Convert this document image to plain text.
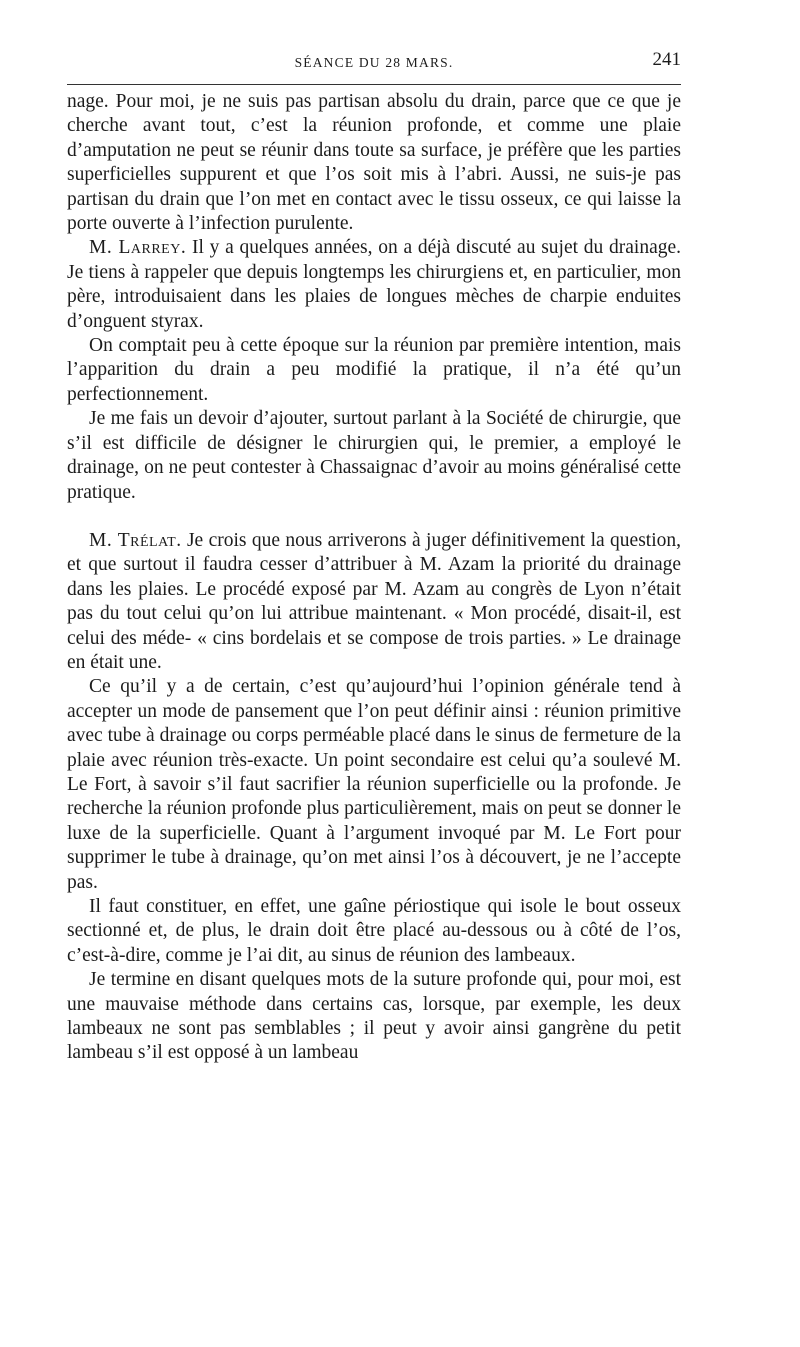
SÉANCE DU 28 MARS.	241

nage. Pour moi, je ne suis pas partisan absolu du drain, parce que ce que je cherche avant tout, c’est la réunion profonde, et comme une plaie d’amputation ne peut se réunir dans toute sa surface, je préfère que les parties superficielles suppurent et que l’os soit mis à l’abri. Aussi, ne suis-je pas partisan du drain que l’on met en contact avec le tissu osseux, ce qui laisse la porte ouverte à l’infection purulente.

M. Larrey. Il y a quelques années, on a déjà discuté au sujet du drainage. Je tiens à rappeler que depuis longtemps les chirurgiens et, en particulier, mon père, introduisaient dans les plaies de longues mèches de charpie enduites d’onguent styrax.

On comptait peu à cette époque sur la réunion par première intention, mais l’apparition du drain a peu modifié la pratique, il n’a été qu’un perfectionnement.

Je me fais un devoir d’ajouter, surtout parlant à la Société de chirurgie, que s’il est difficile de désigner le chirurgien qui, le premier, a employé le drainage, on ne peut contester à Chassaignac d’avoir au moins généralisé cette pratique.

M. Trélat. Je crois que nous arriverons à juger définitivement la question, et que surtout il faudra cesser d’attribuer à M. Azam la priorité du drainage dans les plaies. Le procédé exposé par M. Azam au congrès de Lyon n’était pas du tout celui qu’on lui attribue maintenant. « Mon procédé, disait-il, est celui des méde- « cins bordelais et se compose de trois parties. » Le drainage en était une.

Ce qu’il y a de certain, c’est qu’aujourd’hui l’opinion générale tend à accepter un mode de pansement que l’on peut définir ainsi : réunion primitive avec tube à drainage ou corps perméable placé dans le sinus de fermeture de la plaie avec réunion très-exacte. Un point secondaire est celui qu’a soulevé M. Le Fort, à savoir s’il faut sacrifier la réunion superficielle ou la profonde. Je recherche la réunion profonde plus particulièrement, mais on peut se donner le luxe de la superficielle. Quant à l’argument invoqué par M. Le Fort pour supprimer le tube à drainage, qu’on met ainsi l’os à découvert, je ne l’accepte pas.

Il faut constituer, en effet, une gaîne périostique qui isole le bout osseux sectionné et, de plus, le drain doit être placé au-dessous ou à côté de l’os, c’est-à-dire, comme je l’ai dit, au sinus de réunion des lambeaux.

Je termine en disant quelques mots de la suture profonde qui, pour moi, est une mauvaise méthode dans certains cas, lorsque, par exemple, les deux lambeaux ne sont pas semblables ; il peut y avoir ainsi gangrène du petit lambeau s’il est opposé à un lambeau
